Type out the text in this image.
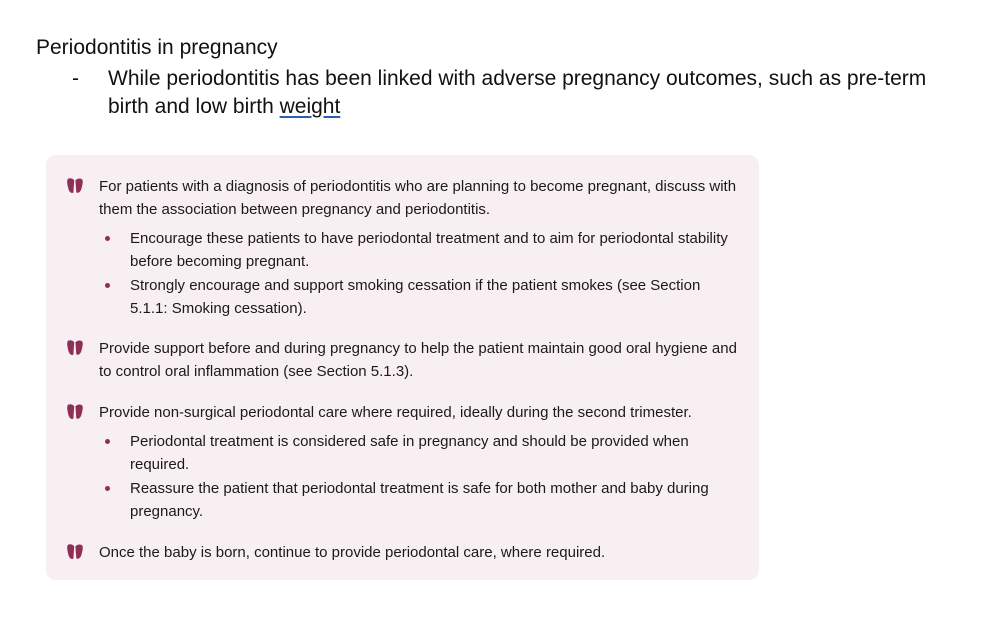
Periodontitis in pregnancy
- While periodontitis has been linked with adverse pregnancy outcomes, such as pre-term birth and low birth weight
For patients with a diagnosis of periodontitis who are planning to become pregnant, discuss with them the association between pregnancy and periodontitis.
Encourage these patients to have periodontal treatment and to aim for periodontal stability before becoming pregnant.
Strongly encourage and support smoking cessation if the patient smokes (see Section 5.1.1: Smoking cessation).
Provide support before and during pregnancy to help the patient maintain good oral hygiene and to control oral inflammation (see Section 5.1.3).
Provide non-surgical periodontal care where required, ideally during the second trimester.
Periodontal treatment is considered safe in pregnancy and should be provided when required.
Reassure the patient that periodontal treatment is safe for both mother and baby during pregnancy.
Once the baby is born, continue to provide periodontal care, where required.
